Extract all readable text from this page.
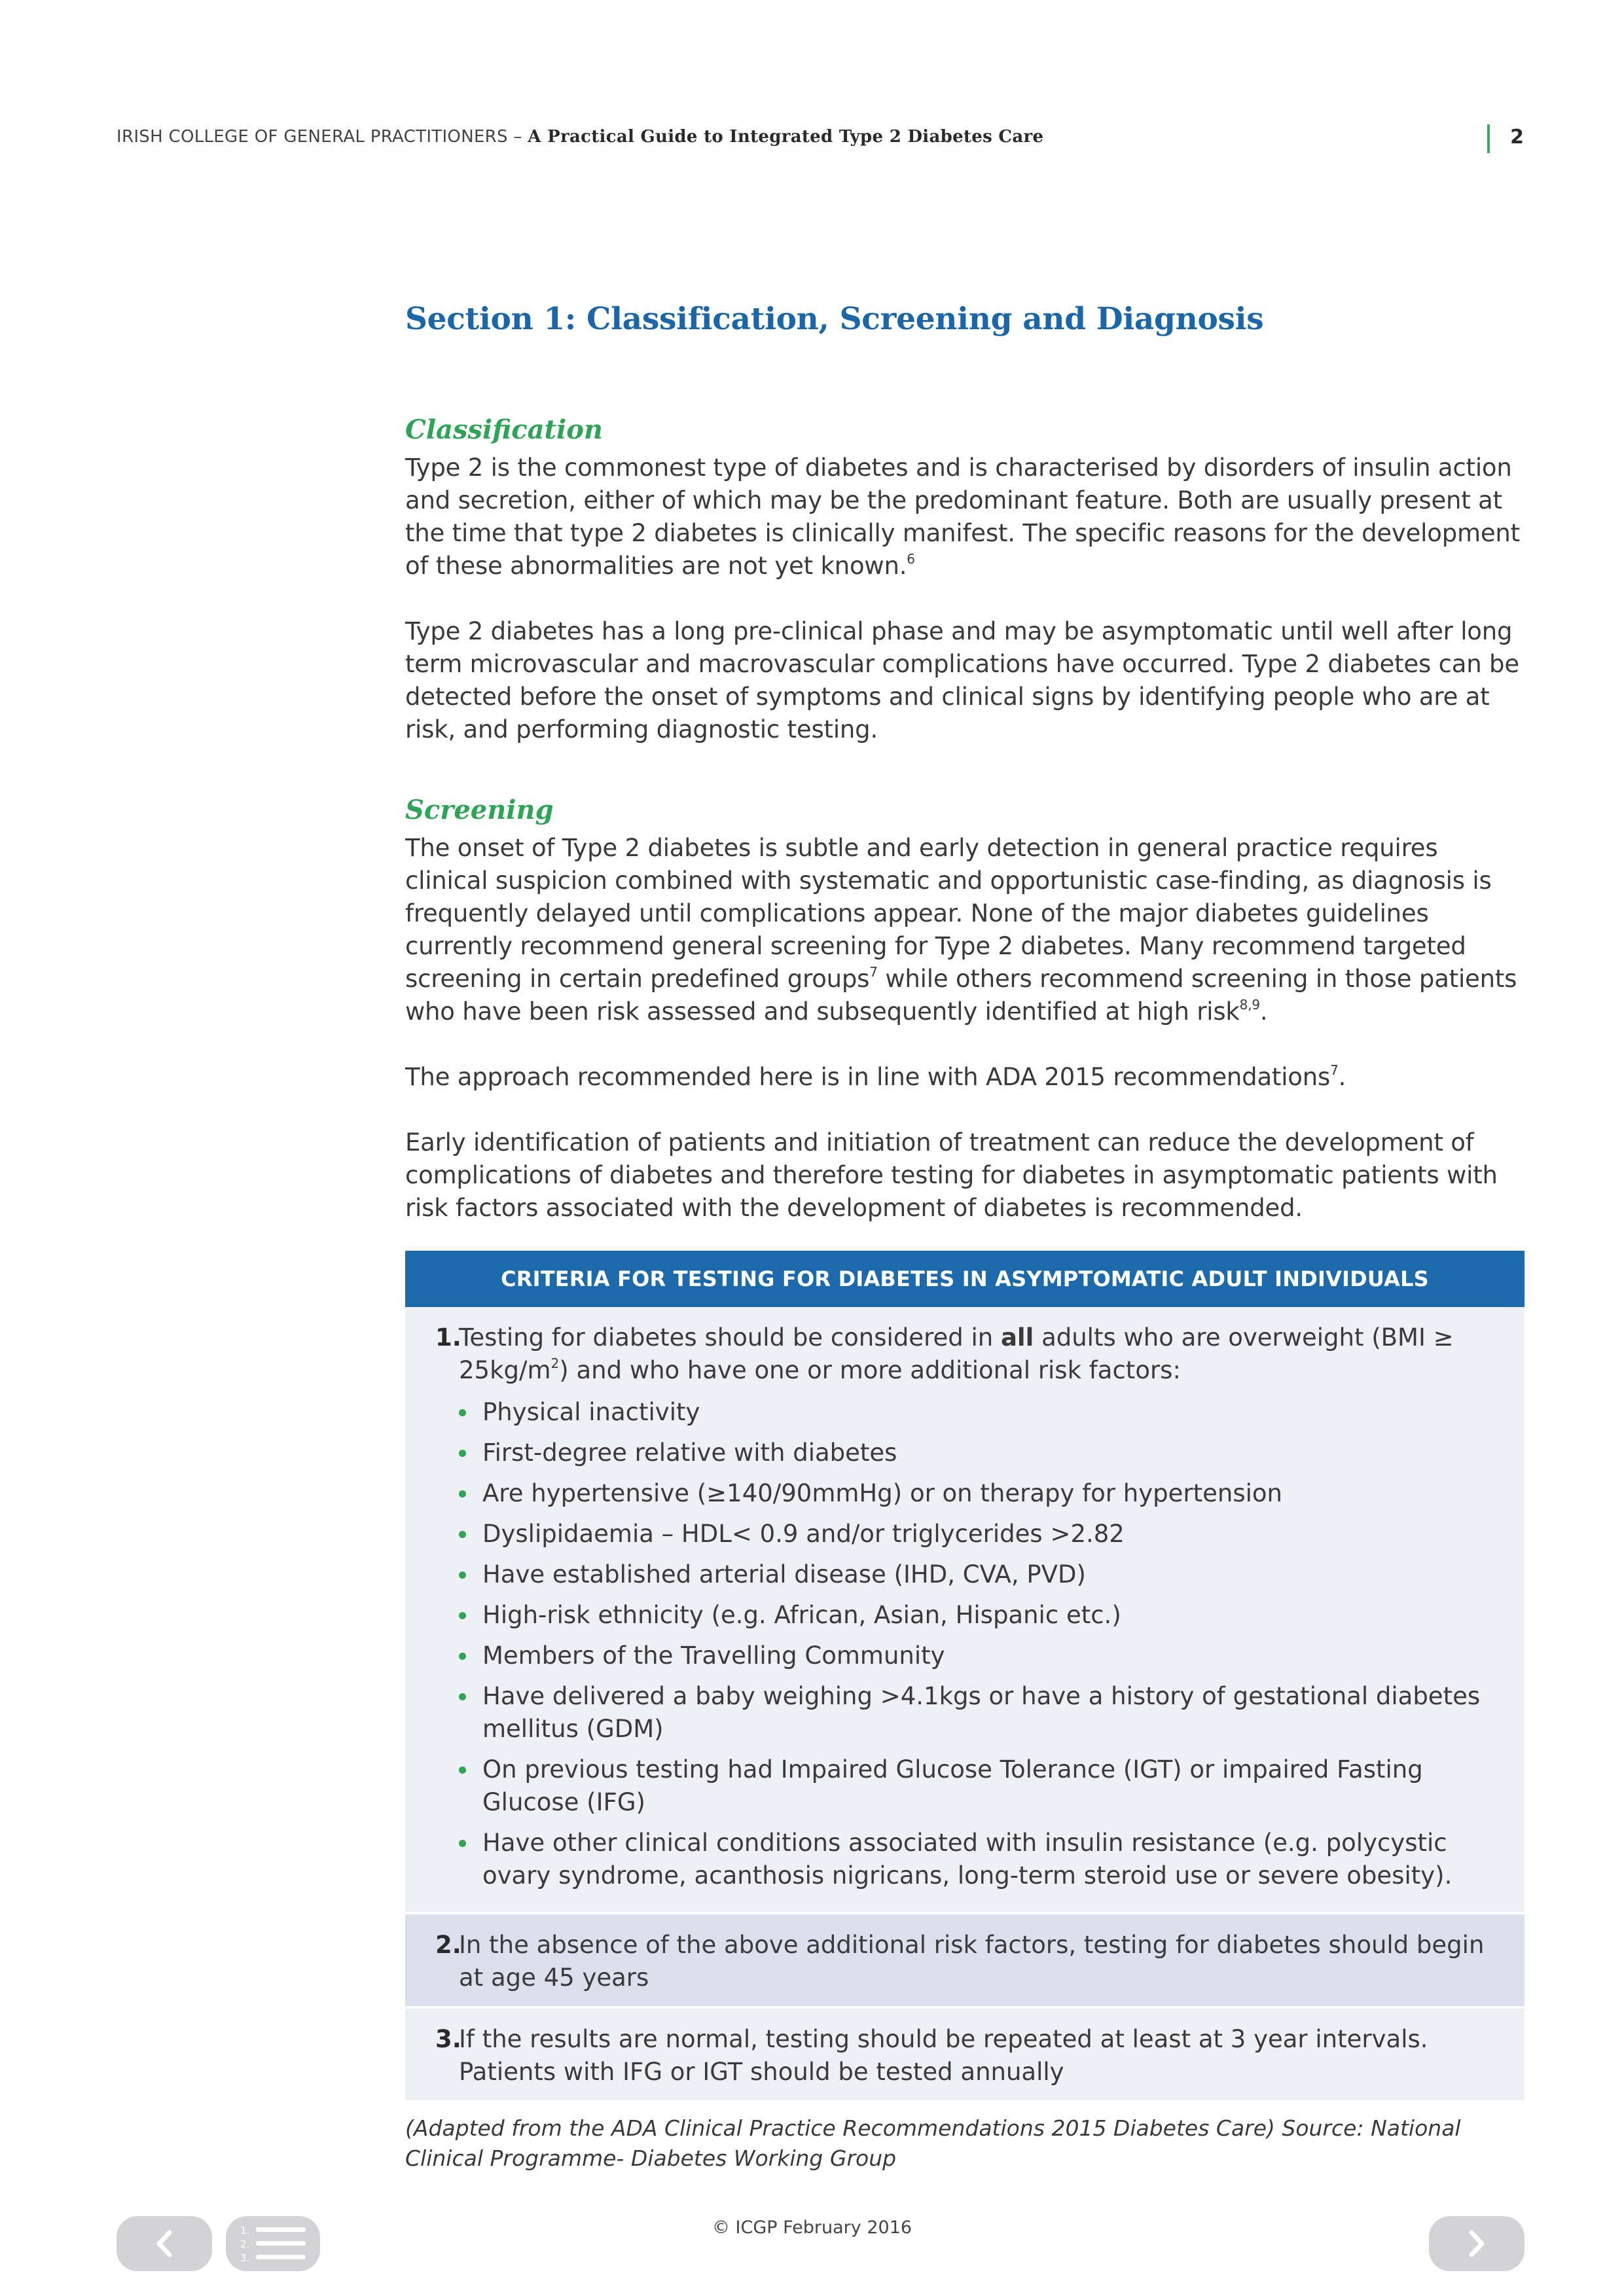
IRISH COLLEGE OF GENERAL PRACTITIONERS – A Practical Guide to Integrated Type 2 Diabetes Care	2
Section 1: Classification, Screening and Diagnosis
Classification

Type 2 is the commonest type of diabetes and is characterised by disorders of insulin action and secretion, either of which may be the predominant feature. Both are usually present at the time that type 2 diabetes is clinically manifest. The specific reasons for the development of these abnormalities are not yet known.$^6$

Type 2 diabetes has a long pre-clinical phase and may be asymptomatic until well after long term microvascular and macrovascular complications have occurred. Type 2 diabetes can be detected before the onset of symptoms and clinical signs by identifying people who are at risk, and performing diagnostic testing.

Screening

The onset of Type 2 diabetes is subtle and early detection in general practice requires clinical suspicion combined with systematic and opportunistic case-finding, as diagnosis is frequently delayed until complications appear. None of the major diabetes guidelines currently recommend general screening for Type 2 diabetes. Many recommend targeted screening in certain predefined groups$^7$ while others recommend screening in those patients who have been risk assessed and subsequently identified at high risk$^{8,9}$.

The approach recommended here is in line with ADA 2015 recommendations$^7$.

Early identification of patients and initiation of treatment can reduce the development of complications of diabetes and therefore testing for diabetes in asymptomatic patients with risk factors associated with the development of diabetes is recommended.

CRITERIA FOR TESTING FOR DIABETES IN ASYMPTOMATIC ADULT INDIVIDUALS
1.

Testing for diabetes should be considered in all adults who are overweight $(BMI \ge 25kg/m^2)$ and who have one or more additional risk factors:

Physical inactivity
First-degree relative with diabetes
Are hypertensive (≥140/90mmHg) or on therapy for hypertension
Dyslipidaemia – HDL< 0.9 and/or triglycerides >2.82
Have established arterial disease (IHD, CVA, PVD)
High-risk ethnicity (e.g. African, Asian, Hispanic etc.)
Members of the Travelling Community
Have delivered a baby weighing >4.1kgs or have a history of gestational diabetes mellitus (GDM)
On previous testing had Impaired Glucose Tolerance (IGT) or impaired Fasting Glucose (IFG)
Have other clinical conditions associated with insulin resistance (e.g. polycystic ovary syndrome, acanthosis nigricans, long-term steroid use or severe obesity).
2.

In the absence of the above additional risk factors, testing for diabetes should begin at age 45 years

3.

If the results are normal, testing should be repeated at least at 3 year intervals. Patients with IFG or IGT should be tested annually

(Adapted from the ADA Clinical Practice Recommendations 2015 Diabetes Care) Source: National Clinical Programme- Diabetes Working Group

1.
2.
3.
© ICGP February 2016
